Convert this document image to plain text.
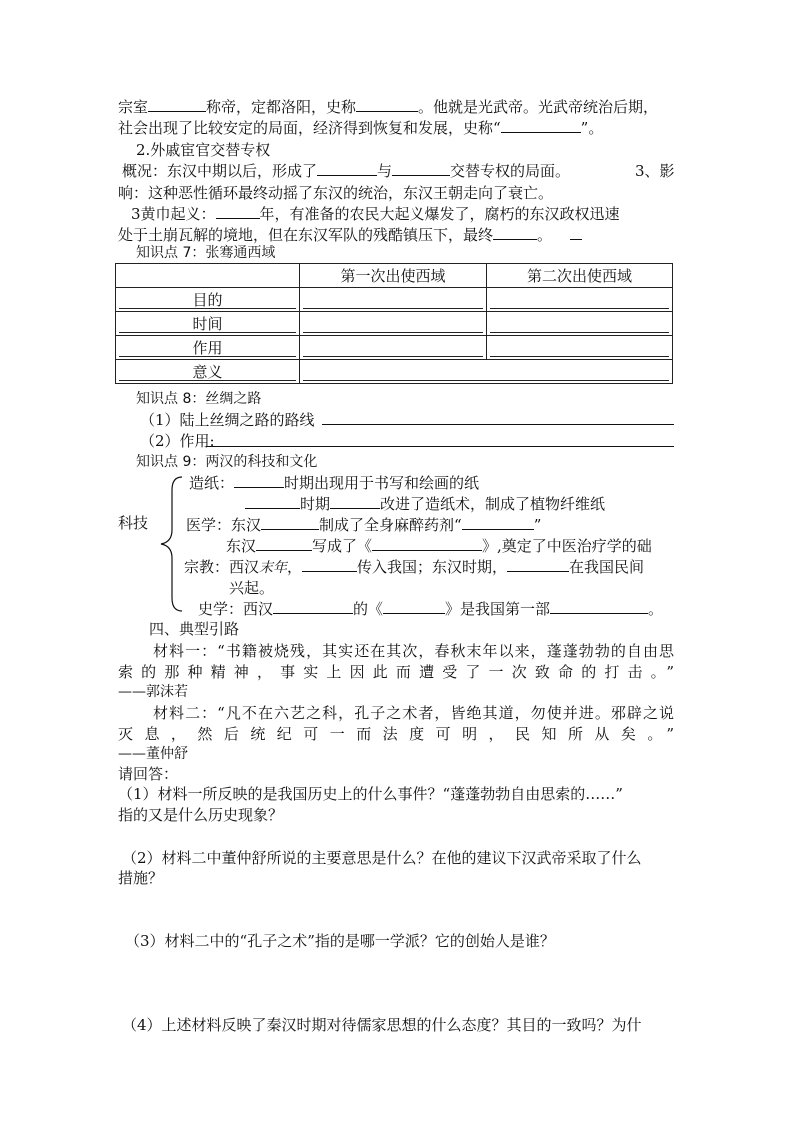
宗室	称帝，定都洛阳，史称	。他就是光武帝。光武帝统治后期，
社会出现了比较安定的局面，经济得到恢复和发展，史称“	”。
2.外戚宦官交替专权
概况：东汉中期以后，形成了	与	交替专权的局面。	3、影
响：这种恶性循环最终动摇了东汉的统治，东汉王朝走向了衰亡。
3黄巾起义：	年，有准备的农民大起义爆发了，腐朽的东汉政权迅速
处于土崩瓦解的境地，但在东汉军队的残酷镇压下，最终	。
知识点 7：张骞通西域
	第一次出使西域	第二次出使西域
目的

时间

作用

意义	

知识点 8：丝绸之路
（1）陆上丝绸之路的路线
（2）作用:
知识点 9：两汉的科技和文化
科技
造纸：	时期出现用于书写和绘画的纸
时期	改进了造纸术，制成了植物纤维纸
医学：东汉	制成了全身麻醉药剂“	”
东汉	写成了《	》,奠定了中医治疗学的础
宗教：西汉末年，	传入我国；东汉时期，	在我国民间
兴起。
史学：西汉	的《	》是我国第一部	。
四、典型引路
材料一：“书籍被烧残，其实还在其次，春秋末年以来，蓬蓬勃勃的自由思
索的那种精神，事实上因此而遭受了一次致命的打击。”
——郭沫若
材料二：“凡不在六艺之科，孔子之术者，皆绝其道，勿使并进。邪辟之说
灭息，然后统纪可一而法度可明，民知所从矣。”
——董仲舒
请回答：
（1）材料一所反映的是我国历史上的什么事件？“蓬蓬勃勃自由思索的……”
指的又是什么历史现象？
（2）材料二中董仲舒所说的主要意思是什么？在他的建议下汉武帝采取了什么
措施？
（3）材料二中的“孔子之术”指的是哪一学派？它的创始人是谁？
（4）上述材料反映了秦汉时期对待儒家思想的什么态度？其目的一致吗？为什
